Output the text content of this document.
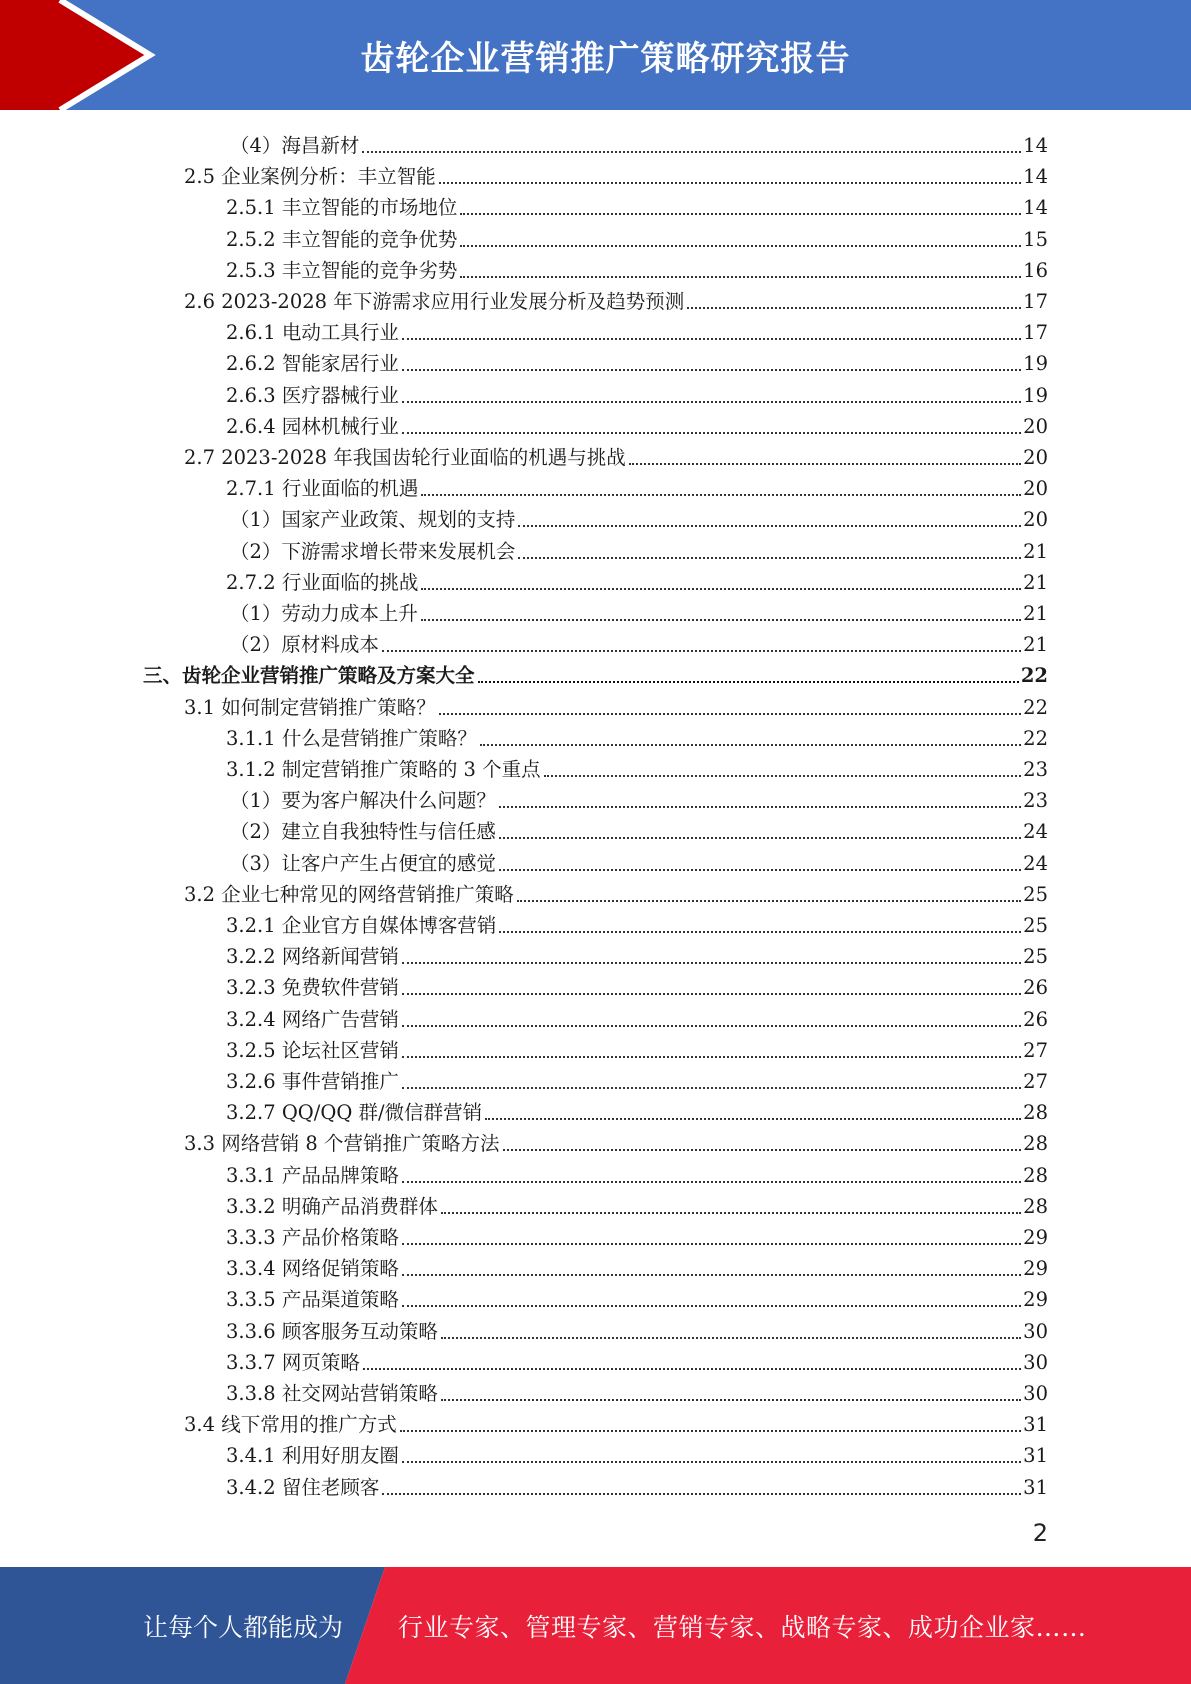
齿轮企业营销推广策略研究报告
（4）海昌新材	14
2.5 企业案例分析：丰立智能	14
2.5.1 丰立智能的市场地位	14
2.5.2 丰立智能的竞争优势	15
2.5.3 丰立智能的竞争劣势	16
2.6 2023-2028 年下游需求应用行业发展分析及趋势预测	17
2.6.1 电动工具行业	17
2.6.2 智能家居行业	19
2.6.3 医疗器械行业	19
2.6.4 园林机械行业	20
2.7 2023-2028 年我国齿轮行业面临的机遇与挑战	20
2.7.1 行业面临的机遇	20
（1）国家产业政策、规划的支持	20
（2）下游需求增长带来发展机会	21
2.7.2 行业面临的挑战	21
（1）劳动力成本上升	21
（2）原材料成本	21
三、齿轮企业营销推广策略及方案大全	22
3.1 如何制定营销推广策略？	22
3.1.1 什么是营销推广策略？	22
3.1.2 制定营销推广策略的 3 个重点	23
（1）要为客户解决什么问题？	23
（2）建立自我独特性与信任感	24
（3）让客户产生占便宜的感觉	24
3.2 企业七种常见的网络营销推广策略	25
3.2.1 企业官方自媒体博客营销	25
3.2.2 网络新闻营销	25
3.2.3 免费软件营销	26
3.2.4 网络广告营销	26
3.2.5 论坛社区营销	27
3.2.6 事件营销推广	27
3.2.7 QQ/QQ 群/微信群营销	28
3.3 网络营销 8 个营销推广策略方法	28
3.3.1 产品品牌策略	28
3.3.2 明确产品消费群体	28
3.3.3 产品价格策略	29
3.3.4 网络促销策略	29
3.3.5 产品渠道策略	29
3.3.6 顾客服务互动策略	30
3.3.7 网页策略	30
3.3.8 社交网站营销策略	30
3.4 线下常用的推广方式	31
3.4.1 利用好朋友圈	31
3.4.2 留住老顾客	31
2
让每个人都能成为 行业专家、管理专家、营销专家、战略专家、成功企业家……
